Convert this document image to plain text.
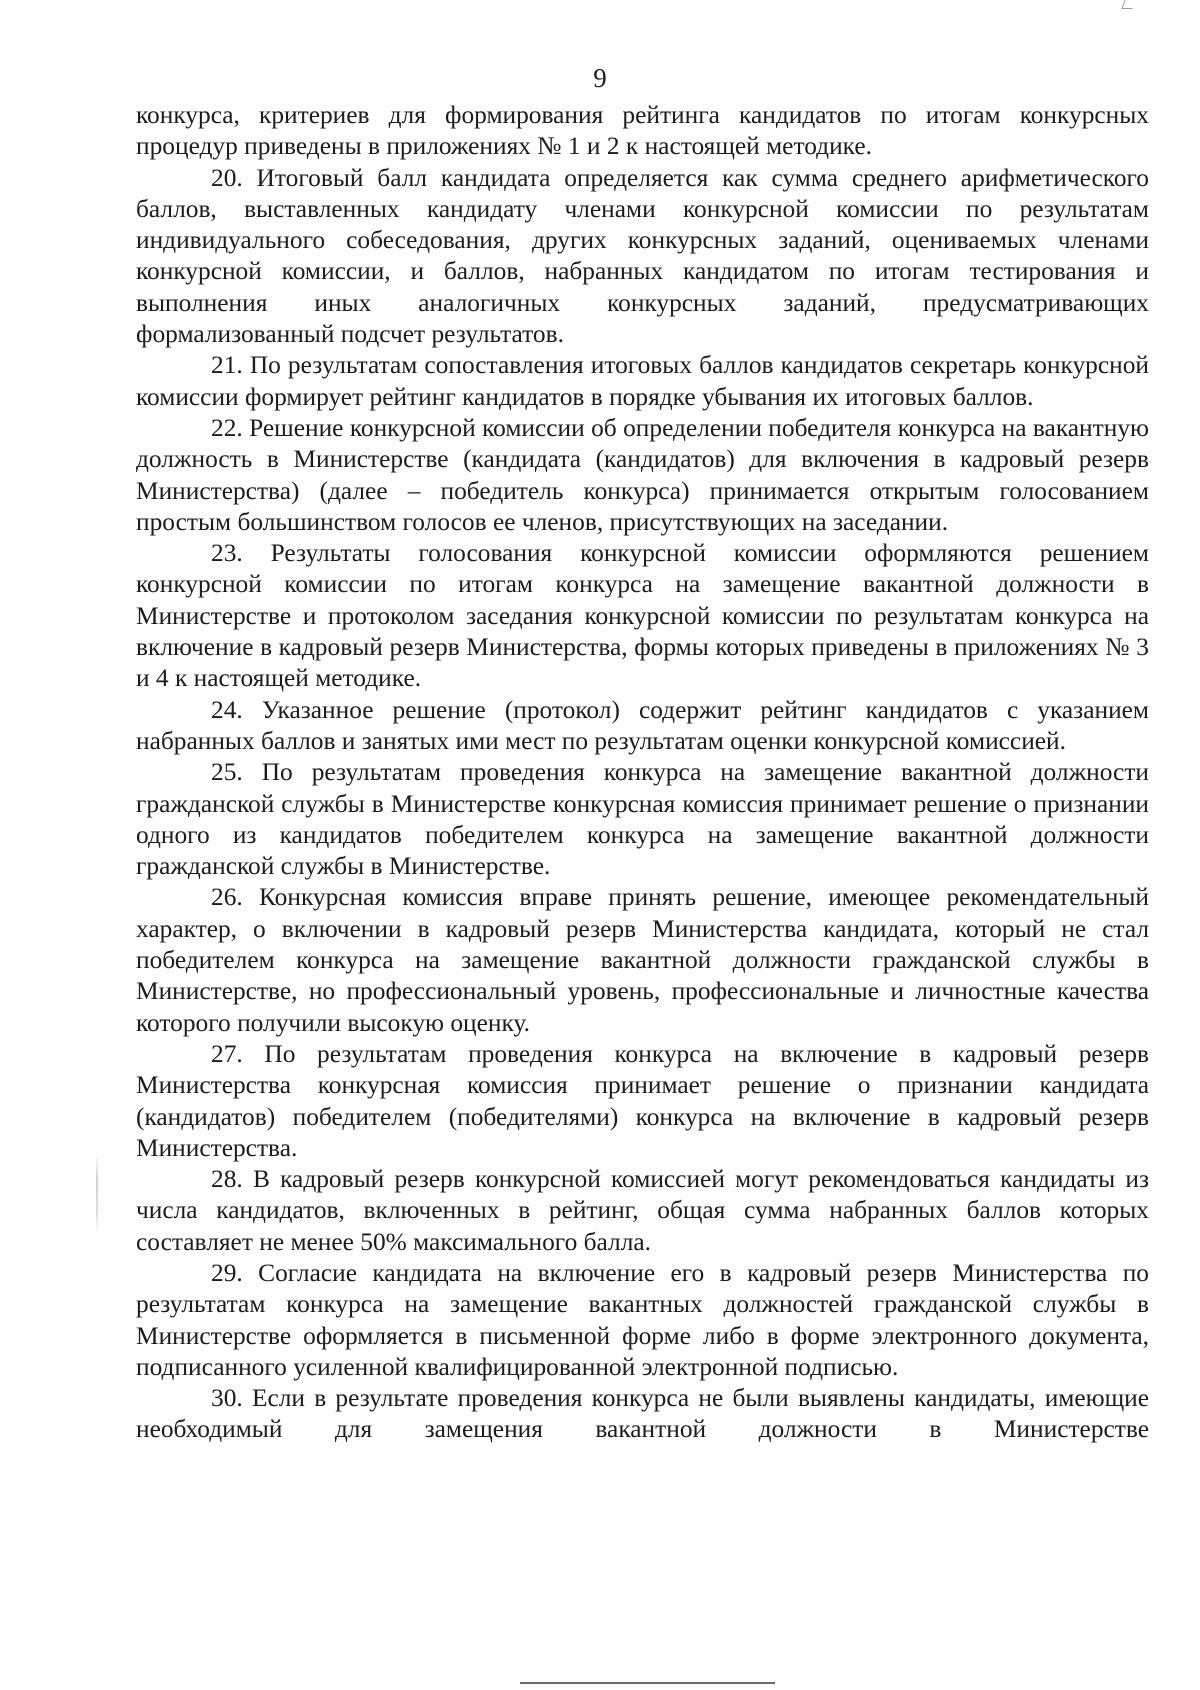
9

конкурса, критериев для формирования рейтинга кандидатов по итогам конкурсных процедур приведены в приложениях № 1 и 2 к настоящей методике.

20. Итоговый балл кандидата определяется как сумма среднего арифметического баллов, выставленных кандидату членами конкурсной комиссии по результатам индивидуального собеседования, других конкурсных заданий, оцениваемых членами конкурсной комиссии, и баллов, набранных кандидатом по итогам тестирования и выполнения иных аналогичных конкурсных заданий, предусматривающих формализованный подсчет результатов.

21. По результатам сопоставления итоговых баллов кандидатов секретарь конкурсной комиссии формирует рейтинг кандидатов в порядке убывания их итоговых баллов.

22. Решение конкурсной комиссии об определении победителя конкурса на вакантную должность в Министерстве (кандидата (кандидатов) для включения в кадровый резерв Министерства) (далее – победитель конкурса) принимается открытым голосованием простым большинством голосов ее членов, присутствующих на заседании.

23. Результаты голосования конкурсной комиссии оформляются решением конкурсной комиссии по итогам конкурса на замещение вакантной должности в Министерстве и протоколом заседания конкурсной комиссии по результатам конкурса на включение в кадровый резерв Министерства, формы которых приведены в приложениях № 3 и 4 к настоящей методике.

24. Указанное решение (протокол) содержит рейтинг кандидатов с указанием набранных баллов и занятых ими мест по результатам оценки конкурсной комиссией.

25. По результатам проведения конкурса на замещение вакантной должности гражданской службы в Министерстве конкурсная комиссия принимает решение о признании одного из кандидатов победителем конкурса на замещение вакантной должности гражданской службы в Министерстве.

26. Конкурсная комиссия вправе принять решение, имеющее рекомендательный характер, о включении в кадровый резерв Министерства кандидата, который не стал победителем конкурса на замещение вакантной должности гражданской службы в Министерстве, но профессиональный уровень, профессиональные и личностные качества которого получили высокую оценку.

27. По результатам проведения конкурса на включение в кадровый резерв Министерства конкурсная комиссия принимает решение о признании кандидата (кандидатов) победителем (победителями) конкурса на включение в кадровый резерв Министерства.

28. В кадровый резерв конкурсной комиссией могут рекомендоваться кандидаты из числа кандидатов, включенных в рейтинг, общая сумма набранных баллов которых составляет не менее 50% максимального балла.

29. Согласие кандидата на включение его в кадровый резерв Министерства по результатам конкурса на замещение вакантных должностей гражданской службы в Министерстве оформляется в письменной форме либо в форме электронного документа, подписанного усиленной квалифицированной электронной подписью.

30. Если в результате проведения конкурса не были выявлены кандидаты, имеющие необходимый для замещения вакантной должности в Министерстве
